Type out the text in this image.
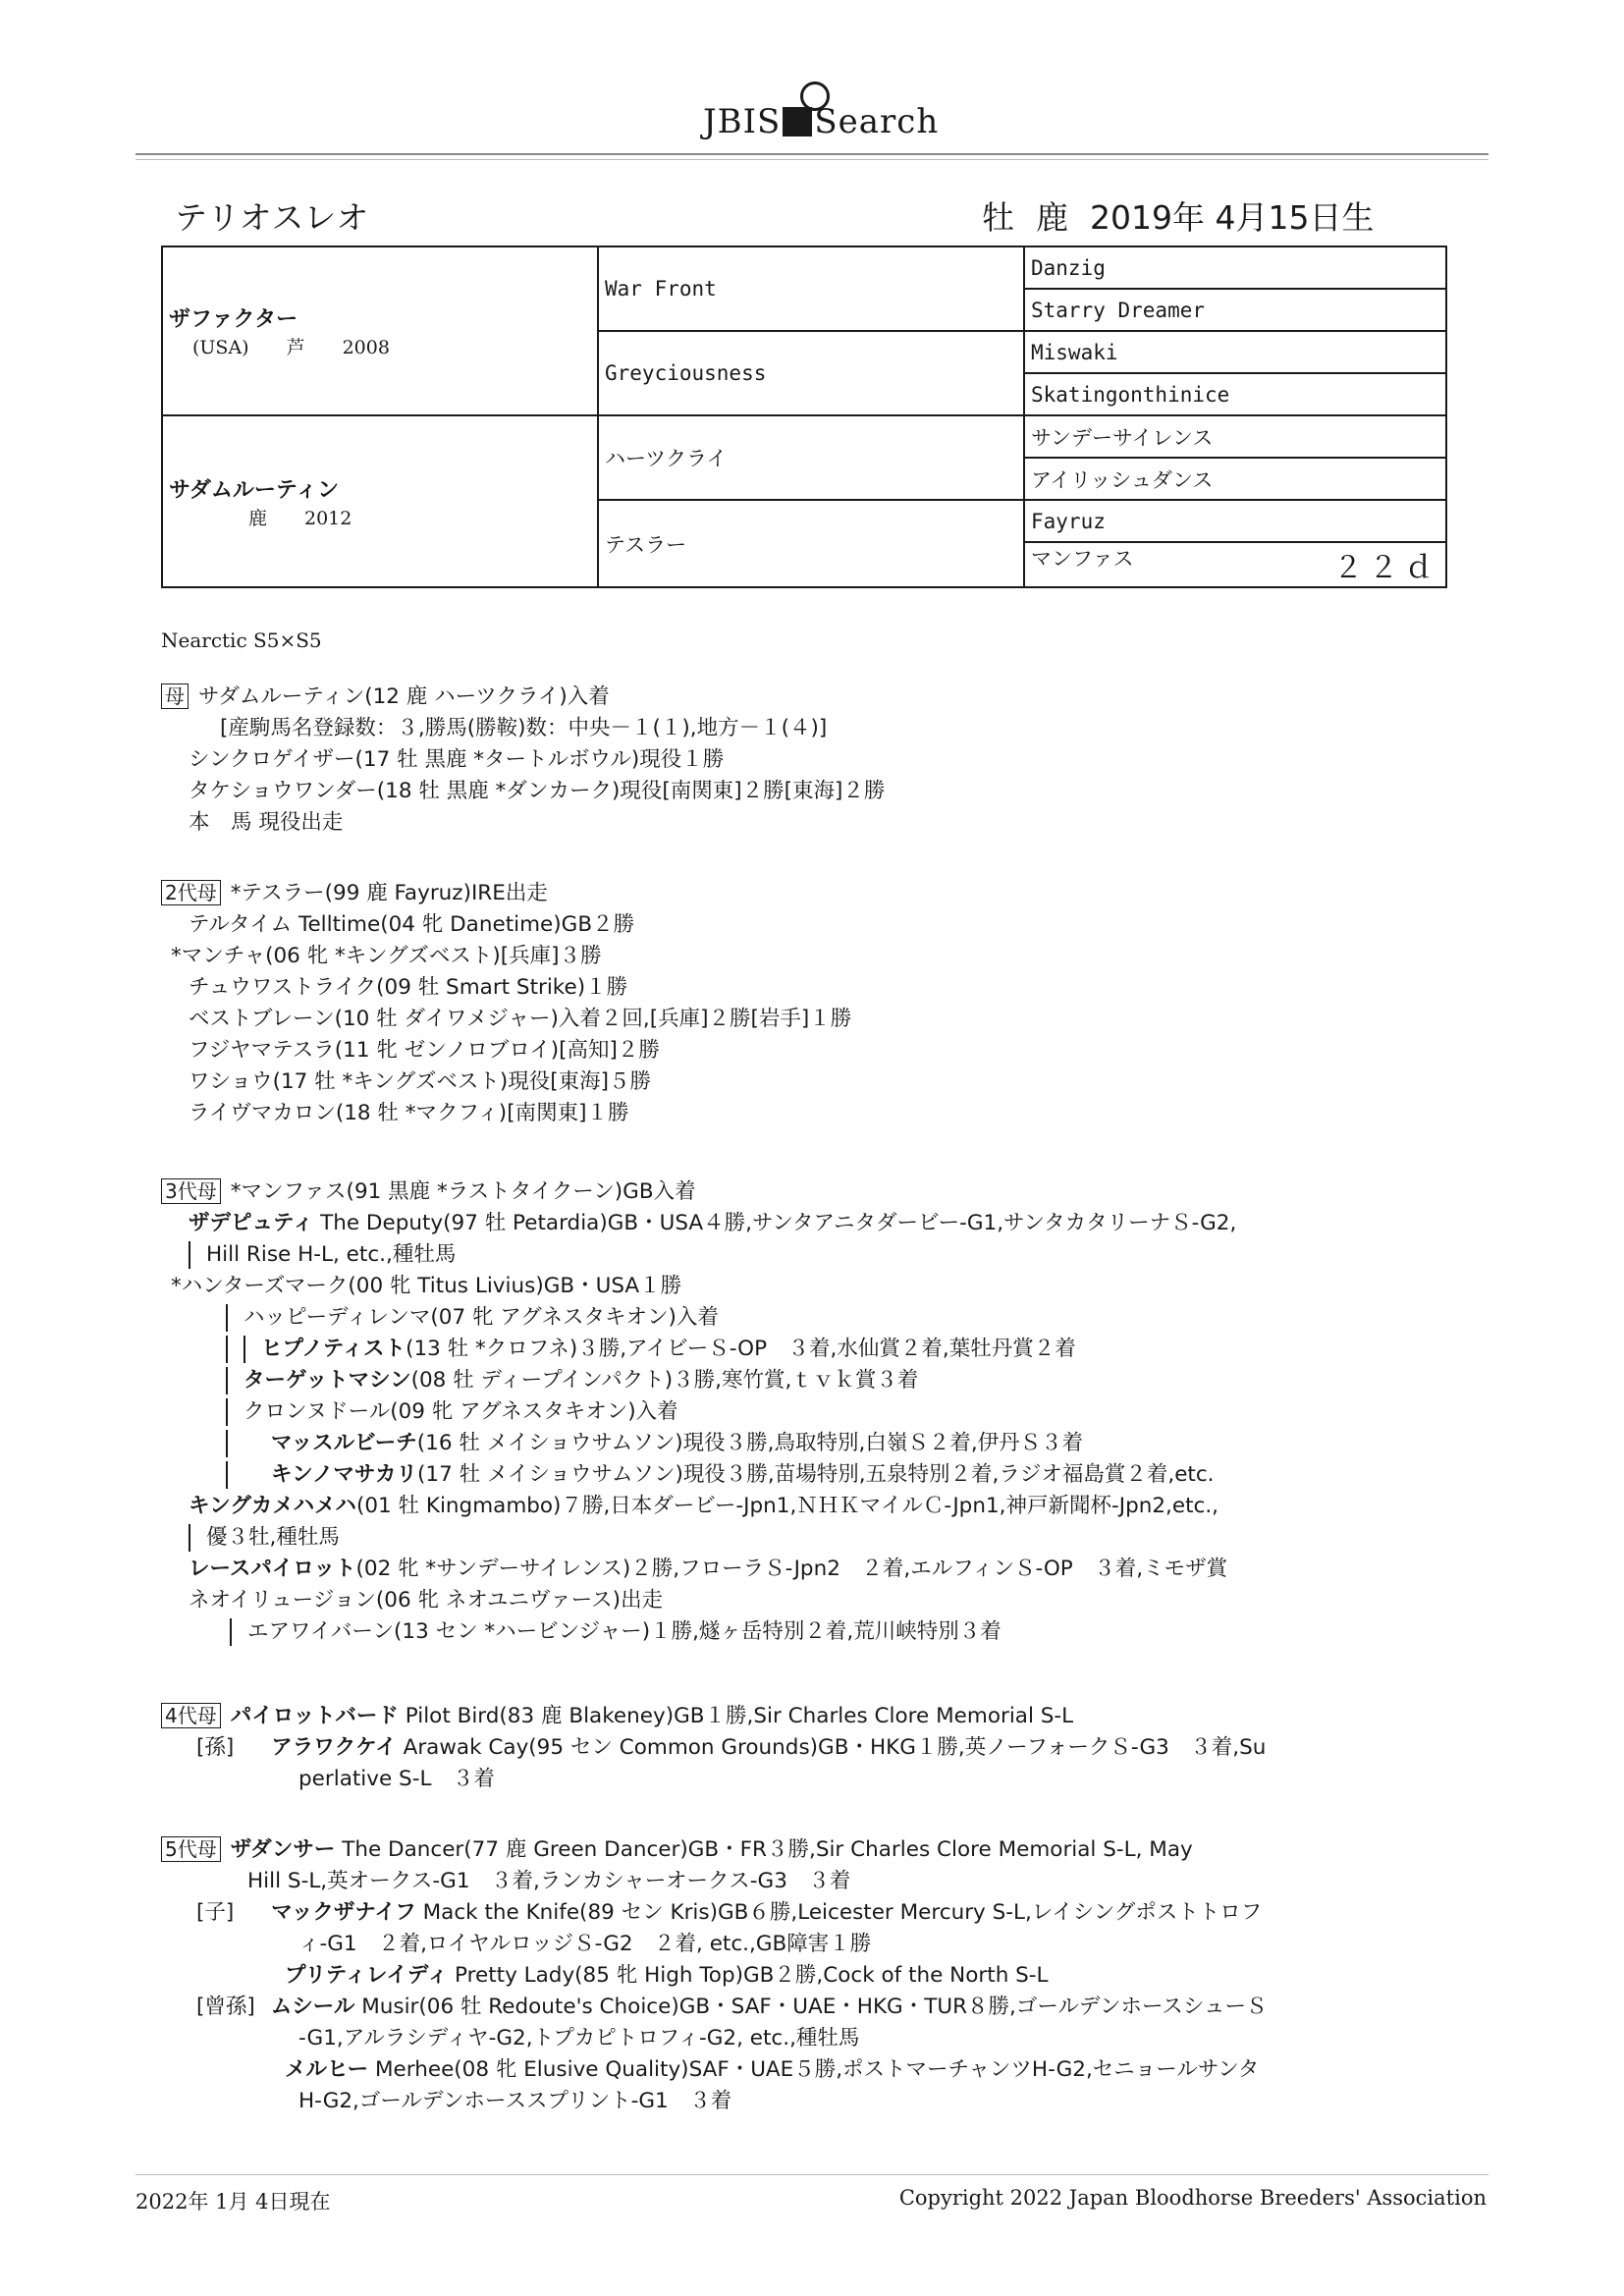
JBIS Search
テリオスレオ	牡 鹿 2019年 4月15日生
ザファクター
(USA)　　芦　　2008	War Front	Danzig
		Starry Dreamer
	Greyciousness	Miswaki
		Skatingonthinice

サダムルーティン
　　　鹿　　2012	ハーツクライ	サンデーサイレンス
		アイリッシュダンス
	テスラー	Fayruz
		マンファス ２２ｄ
Nearctic S5×S5
母 サダムルーティン(12 鹿 ハーツクライ)入着
[産駒馬名登録数：３,勝馬(勝鞍)数：中央－１(１),地方－１(４)]
シンクロゲイザー(17 牡 黒鹿 *タートルボウル)現役１勝
タケショウワンダー(18 牡 黒鹿 *ダンカーク)現役[南関東]２勝[東海]２勝
本　馬 現役出走
2代母 *テスラー(99 鹿 Fayruz)IRE出走
テルタイム Telltime(04 牝 Danetime)GB２勝
*マンチャ(06 牝 *キングズベスト)[兵庫]３勝
チュウワストライク(09 牡 Smart Strike)１勝
ベストブレーン(10 牡 ダイワメジャー)入着２回,[兵庫]２勝[岩手]１勝
フジヤマテスラ(11 牝 ゼンノロブロイ)[高知]２勝
ワショウ(17 牡 *キングズベスト)現役[東海]５勝
ライヴマカロン(18 牡 *マクフィ)[南関東]１勝
3代母 *マンファス(91 黒鹿 *ラストタイクーン)GB入着
ザデピュティ The Deputy(97 牡 Petardia)GB・USA４勝,サンタアニタダービー-G1,サンタカタリーナＳ-G2,
Hill Rise H-L, etc.,種牡馬
*ハンターズマーク(00 牝 Titus Livius)GB・USA１勝
ハッピーディレンマ(07 牝 アグネスタキオン)入着
ヒプノティスト(13 牡 *クロフネ)３勝,アイビーＳ-OP　３着,水仙賞２着,葉牡丹賞２着
ターゲットマシン(08 牡 ディープインパクト)３勝,寒竹賞,ｔｖｋ賞３着
クロンヌドール(09 牝 アグネスタキオン)入着
マッスルビーチ(16 牡 メイショウサムソン)現役３勝,鳥取特別,白嶺Ｓ２着,伊丹Ｓ３着
キンノマサカリ(17 牡 メイショウサムソン)現役３勝,苗場特別,五泉特別２着,ラジオ福島賞２着,etc.
キングカメハメハ(01 牡 Kingmambo)７勝,日本ダービー-Jpn1,ＮＨＫマイルＣ-Jpn1,神戸新聞杯-Jpn2,etc.,
優３牡,種牡馬
レースパイロット(02 牝 *サンデーサイレンス)２勝,フローラＳ-Jpn2　２着,エルフィンＳ-OP　３着,ミモザ賞
ネオイリュージョン(06 牝 ネオユニヴァース)出走
エアワイバーン(13 セン *ハービンジャー)１勝,燧ヶ岳特別２着,荒川峡特別３着
4代母 パイロットバード Pilot Bird(83 鹿 Blakeney)GB１勝,Sir Charles Clore Memorial S-L
[孫] アラワクケイ Arawak Cay(95 セン Common Grounds)GB・HKG１勝,英ノーフォークＳ-G3　３着,Su
perlative S-L　３着
5代母 ザダンサー The Dancer(77 鹿 Green Dancer)GB・FR３勝,Sir Charles Clore Memorial S-L, May
Hill S-L,英オークス-G1　３着,ランカシャーオークス-G3　３着
[子] マックザナイフ Mack the Knife(89 セン Kris)GB６勝,Leicester Mercury S-L,レイシングポストトロフ
ィ-G1　２着,ロイヤルロッジＳ-G2　２着, etc.,GB障害１勝
プリティレイディ Pretty Lady(85 牝 High Top)GB２勝,Cock of the North S-L
[曾孫] ムシール Musir(06 牡 Redoute's Choice)GB・SAF・UAE・HKG・TUR８勝,ゴールデンホースシューＳ
-G1,アルラシディヤ-G2,トプカピトロフィ-G2, etc.,種牡馬
メルヒー Merhee(08 牝 Elusive Quality)SAF・UAE５勝,ポストマーチャンツH-G2,セニョールサンタ
H-G2,ゴールデンホーススプリント-G1　３着
2022年 1月 4日現在	Copyright 2022 Japan Bloodhorse Breeders' Association
